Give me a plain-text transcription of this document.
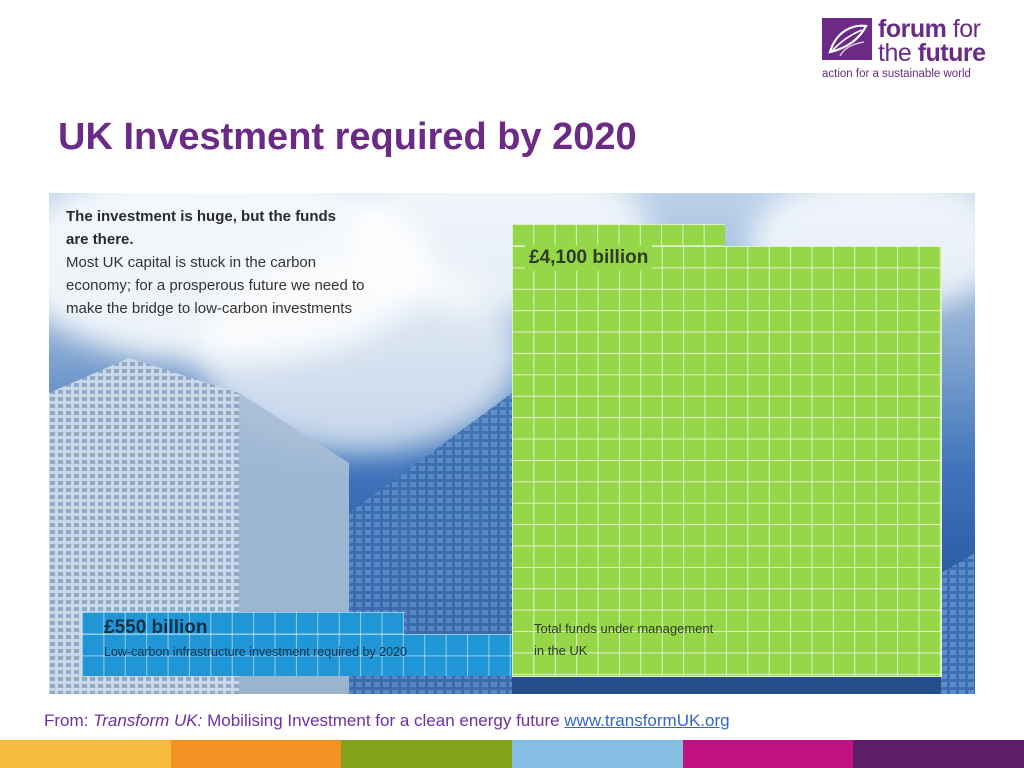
forum for
the future
action for a sustainable world
UK Investment required by 2020

The investment is huge, but the funds are there.

Most UK capital is stuck in the carbon economy; for a prosperous future we need to make the bridge to low-carbon investments

£4,100 billion

Total funds under management in the UK

£550 billion

Low-carbon infrastructure investment required by 2020

From: Transform UK: Mobilising Investment for a clean energy future www.transformUK.org
